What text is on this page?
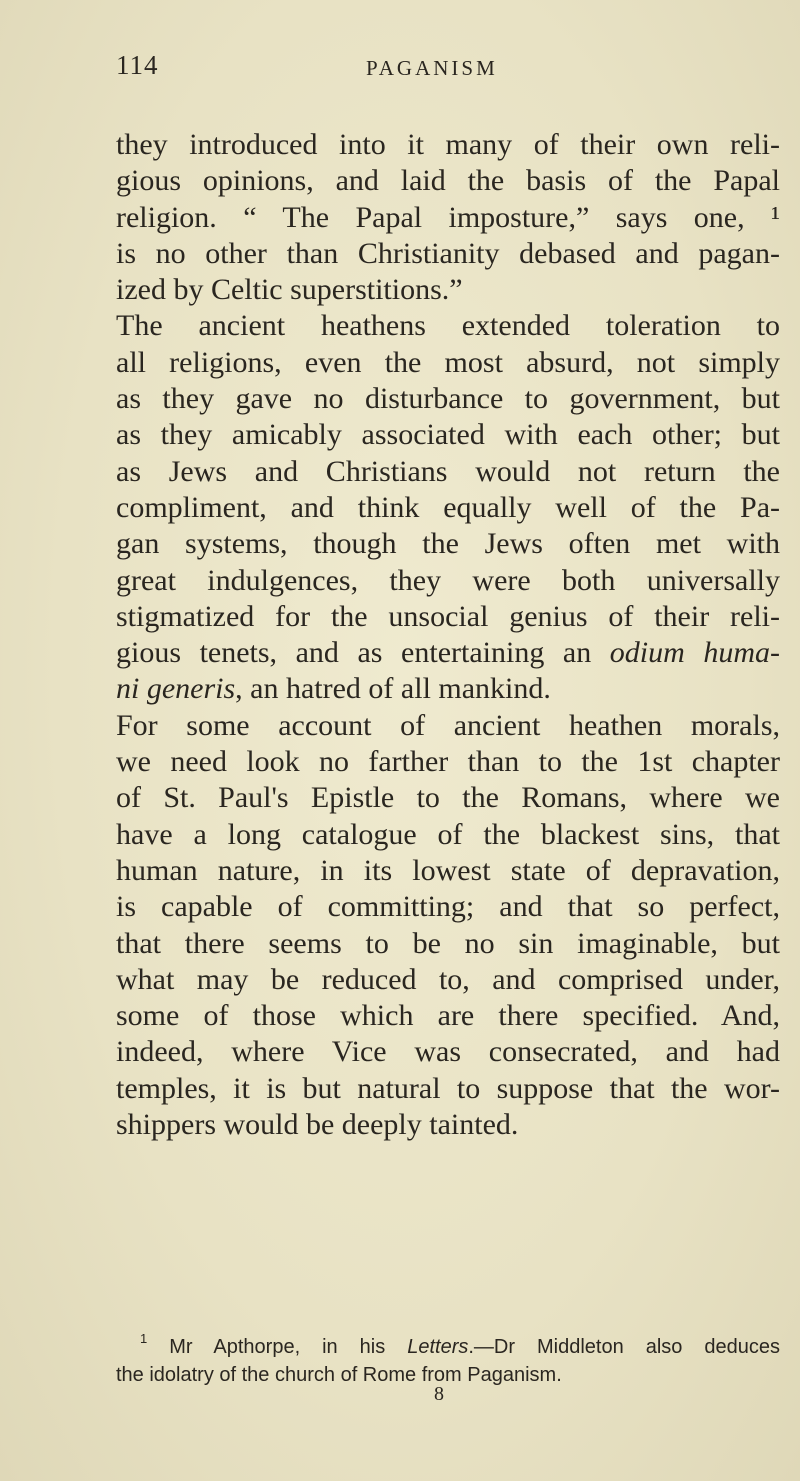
114	PAGANISM
they introduced into it many of their own reli-
gious opinions, and laid the basis of the Papal
religion. “ The Papal imposture,” says one, ¹
is no other than Christianity debased and pagan-
ized by Celtic superstitions.”
The ancient heathens extended toleration to
all religions, even the most absurd, not simply
as they gave no disturbance to government, but
as they amicably associated with each other; but
as Jews and Christians would not return the
compliment, and think equally well of the Pa-
gan systems, though the Jews often met with
great indulgences, they were both universally
stigmatized for the unsocial genius of their reli-
gious tenets, and as entertaining an odium huma-
ni generis, an hatred of all mankind.
For some account of ancient heathen morals,
we need look no farther than to the 1st chapter
of St. Paul's Epistle to the Romans, where we
have a long catalogue of the blackest sins, that
human nature, in its lowest state of depravation,
is capable of committing; and that so perfect,
that there seems to be no sin imaginable, but
what may be reduced to, and comprised under,
some of those which are there specified. And,
indeed, where Vice was consecrated, and had
temples, it is but natural to suppose that the wor-
shippers would be deeply tainted.
$^1$ Mr Apthorpe, in his Letters.—Dr Middleton also deduces
the idolatry of the church of Rome from Paganism.
8
